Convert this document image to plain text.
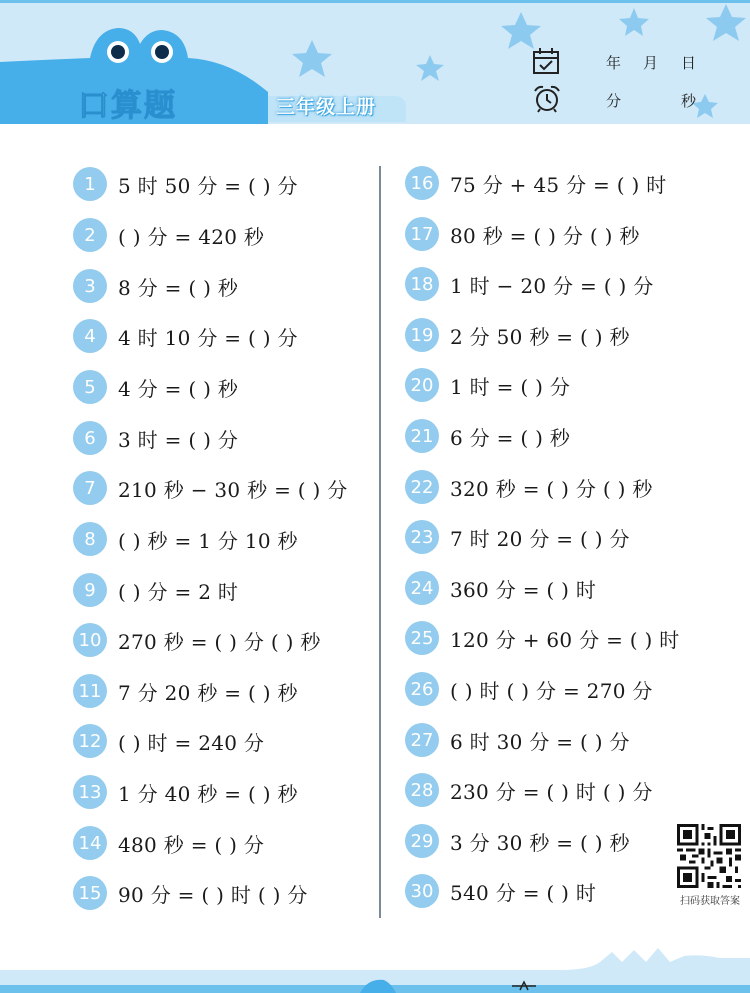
口算题	三年级上册
年 月 日
分	秒
1	5 时 50 分 = ( ) 分
2	( ) 分 = 420 秒
3	8 分 = ( ) 秒
4	4 时 10 分 = ( ) 分
5	4 分 = ( ) 秒
6	3 时 = ( ) 分
7	210 秒 − 30 秒 = ( ) 分
8	( ) 秒 = 1 分 10 秒
9	( ) 分 = 2 时
10 270 秒 = ( ) 分 ( ) 秒
11 7 分 20 秒 = ( ) 秒
12 ( ) 时 = 240 分
13 1 分 40 秒 = ( ) 秒
14 480 秒 = ( ) 分
15 90 分 = ( ) 时 ( ) 分
16 75 分 + 45 分 = ( ) 时
17 80 秒 = ( ) 分 ( ) 秒
18 1 时 − 20 分 = ( ) 分
19 2 分 50 秒 = ( ) 秒
20 1 时 = ( ) 分
21 6 分 = ( ) 秒
22 320 秒 = ( ) 分 ( ) 秒
23 7 时 20 分 = ( ) 分
24 360 分 = ( ) 时
25 120 分 + 60 分 = ( ) 时
26 ( ) 时 ( ) 分 = 270 分
27 6 时 30 分 = ( ) 分
28 230 分 = ( ) 时 ( ) 分
29 3 分 30 秒 = ( ) 秒
30 540 分 = ( ) 时	扫码获取答案
